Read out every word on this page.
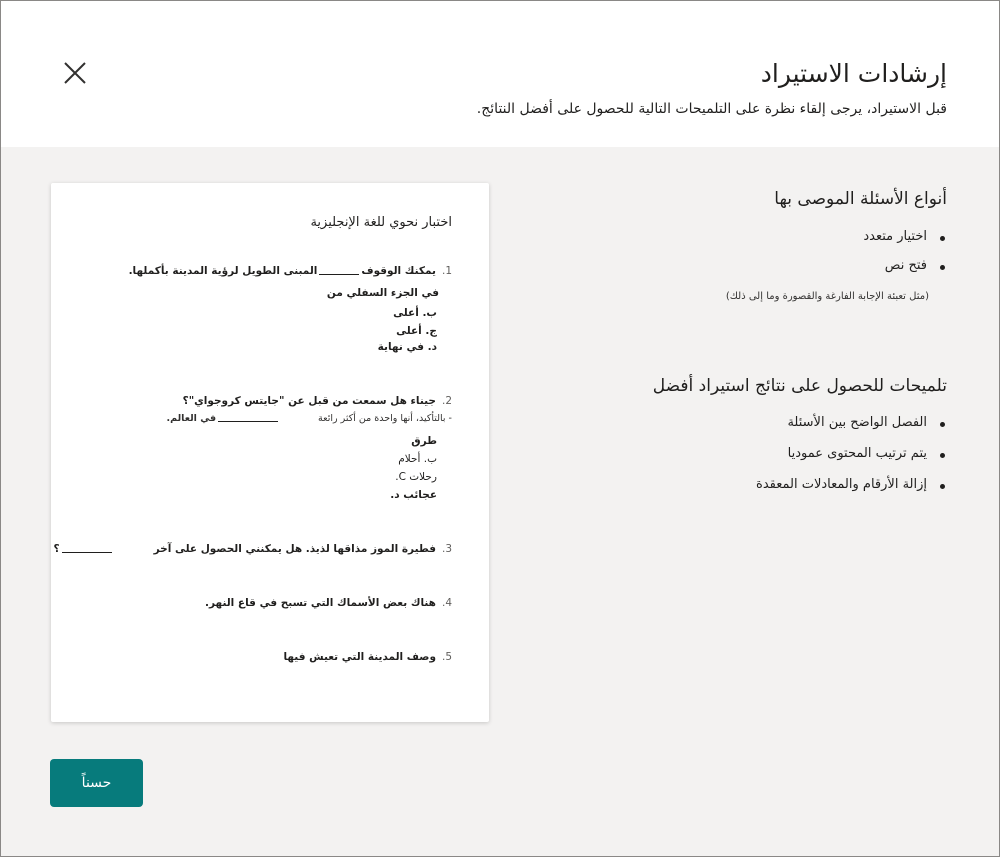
إرشادات الاستيراد

قبل الاستيراد، يرجى إلقاء نظرة على التلميحات التالية للحصول على أفضل النتائج.

اختبار نحوي للغة الإنجليزية
1.يمكنك الوقوفالمبنى الطويل لرؤية المدينة بأكملها.
في الجزء السفلي من
ب. أعلى
ج. أعلى
د. في نهاية
2.جيناء هل سمعت من قبل عن "جايتس كروجواي"؟
- بالتأكيد، أنها واحدة من أكثر رائعةفي العالم.
طرق
ب. أحلام
رحلات C.
عجائب د.
3.فطيرة الموز مذاقها لذيذ. هل يمكنني الحصول على آخر؟
4.هناك بعض الأسماك التي تسبح في قاع النهر.
5.وصف المدينة التي تعيش فيها
أنواع الأسئلة الموصى بها
اختيار متعدد
فتح نص
(مثل تعبئة الإجابة الفارغة والقصورة وما إلى ذلك)
تلميحات للحصول على نتائج استيراد أفضل
الفصل الواضح بين الأسئلة
يتم ترتيب المحتوى عموديا
إزالة الأرقام والمعادلات المعقدة
حسناً
